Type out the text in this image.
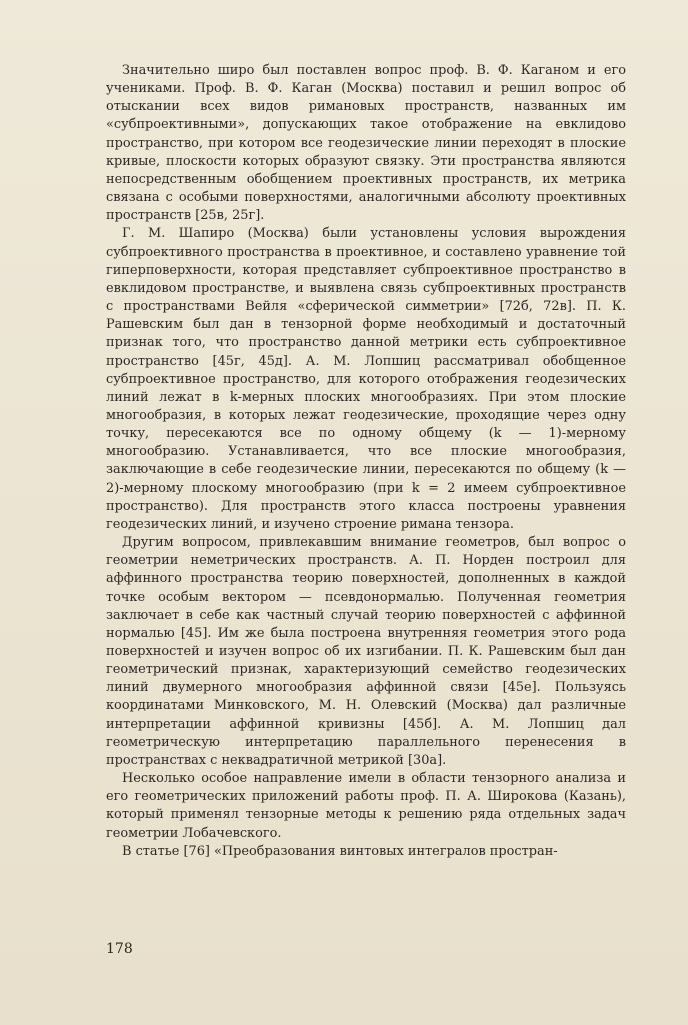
Значительно шиpo был поставлен вопрос проф. В. Ф. Каганом и его учениками. Проф. В. Ф. Каган (Москва) поставил и решил вопрос об отыскании всех видов римановых пространств, названных им «субпроективными», допускающих такое отображение на евклидово пространство, при котором все геодезические линии переходят в плоские кривые, плоскости которых образуют связку. Эти пространства являются непосредственным обобщением проективных пространств, их метрика связана с особыми поверхностями, аналогичными абсолюту проективных пространств [25в, 25г].

Г. М. Шапиро (Москва) были установлены условия вырождения субпроективного пространства в проективное, и составлено уравнение той гиперповерхности, которая представляет субпроективное пространство в евклидовом пространстве, и выявлена связь субпроективных пространств с пространствами Вейля «сферической симметрии» [72б, 72в]. П. К. Рашевским был дан в тензорной форме необходимый и достаточный признак того, что пространство данной метрики есть субпроективное пространство [45г, 45д]. А. М. Лопшиц рассматривал обобщенное субпроективное пространство, для которого отображения геодезических линий лежат в k-мерных плоских многообразиях. При этом плоские многообразия, в которых лежат геодезические, проходящие через одну точку, пересекаются все по одному общему (k — 1)-мерному многообразию. Устанавливается, что все плоские многообразия, заключающие в себе геодезические линии, пересекаются по общему (k — 2)-мерному плоскому многообразию (при k = 2 имеем субпроективное пространство). Для пространств этого класса построены уравнения геодезических линий, и изучено строение римана тензора.

Другим вопросом, привлекавшим внимание геометров, был вопрос о геометрии неметрических пространств. А. П. Норден построил для аффинного пространства теорию поверхностей, дополненных в каждой точке особым вектором — псевдонормалью. Полученная геометрия заключает в себе как частный случай теорию поверхностей с аффинной нормалью [45]. Им же была построена внутренняя геометрия этого рода поверхностей и изучен вопрос об их изгибании. П. К. Рашевским был дан геометрический признак, характеризующий семейство геодезических линий двумерного многообразия аффинной связи [45е]. Пользуясь координатами Минковского, М. Н. Олевский (Москва) дал различные интерпретации аффинной кривизны [45б]. А. М. Лопшиц дал геометрическую интерпретацию параллельного перенесения в пространствах с неквадратичной метрикой [30а].

Несколько особое направление имели в области тензорного анализа и его геометрических приложений работы проф. П. А. Широкова (Казань), который применял тензорные методы к решению ряда отдельных задач геометрии Лобачевского.

В статье [76] «Преобразования винтовых интегралов простран-

178
